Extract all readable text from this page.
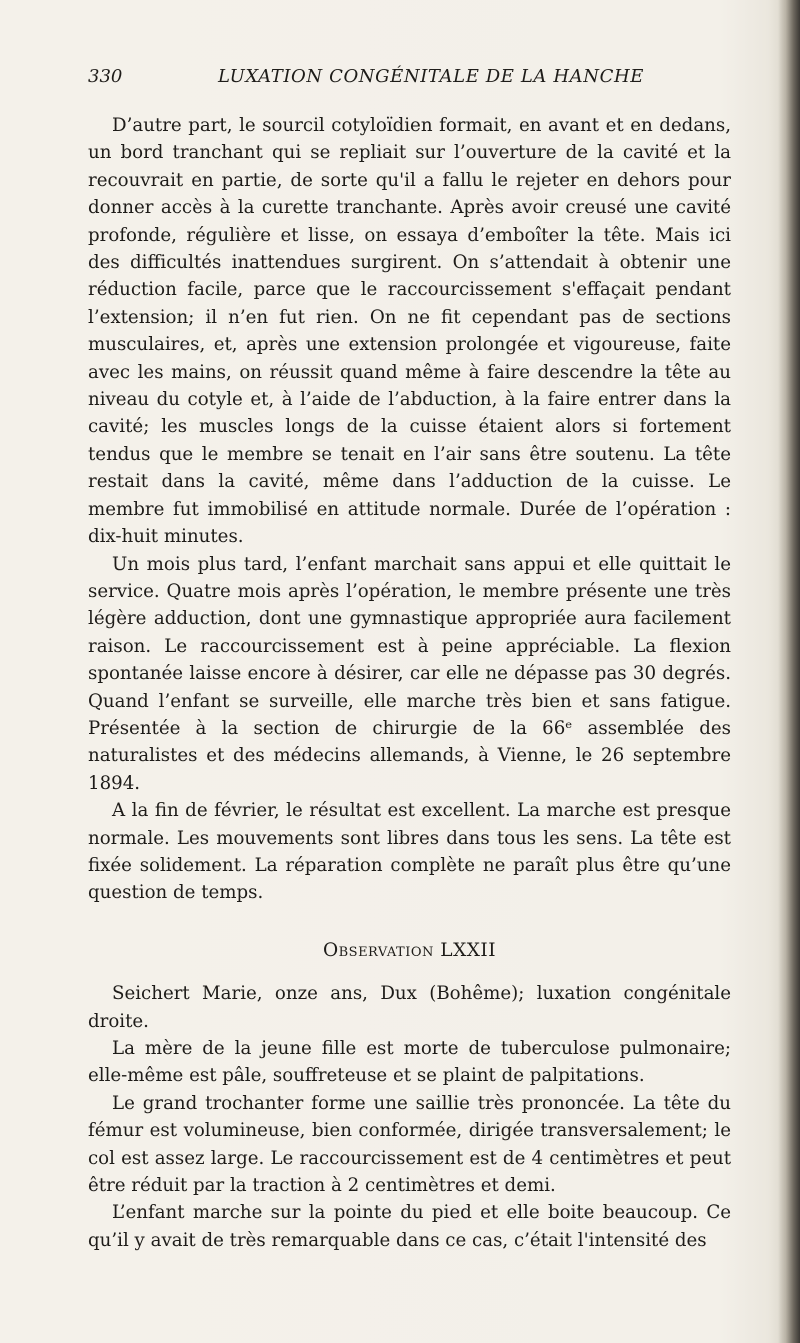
330	LUXATION CONGÉNITALE DE LA HANCHE

D’autre part, le sourcil cotyloïdien formait, en avant et en dedans, un bord tranchant qui se repliait sur l’ouverture de la cavité et la recouvrait en partie, de sorte qu'il a fallu le rejeter en dehors pour donner accès à la curette tranchante. Après avoir creusé une cavité profonde, régulière et lisse, on essaya d’emboîter la tête. Mais ici des difficultés inattendues surgirent. On s’attendait à obtenir une réduction facile, parce que le raccourcissement s'effaçait pendant l’extension; il n’en fut rien. On ne fit cependant pas de sections musculaires, et, après une extension prolongée et vigoureuse, faite avec les mains, on réussit quand même à faire descendre la tête au niveau du cotyle et, à l’aide de l’abduction, à la faire entrer dans la cavité; les muscles longs de la cuisse étaient alors si fortement tendus que le membre se tenait en l’air sans être soutenu. La tête restait dans la cavité, même dans l’adduction de la cuisse. Le membre fut immobilisé en attitude normale. Durée de l’opération : dix-huit minutes.

Un mois plus tard, l’enfant marchait sans appui et elle quittait le service. Quatre mois après l’opération, le membre présente une très légère adduction, dont une gymnastique appropriée aura facilement raison. Le raccourcissement est à peine appréciable. La flexion spontanée laisse encore à désirer, car elle ne dépasse pas 30 degrés. Quand l’enfant se surveille, elle marche très bien et sans fatigue. Présentée à la section de chirurgie de la 66ᵉ assemblée des naturalistes et des médecins allemands, à Vienne, le 26 septembre 1894.

A la fin de février, le résultat est excellent. La marche est presque normale. Les mouvements sont libres dans tous les sens. La tête est fixée solidement. La réparation complète ne paraît plus être qu’une question de temps.

Observation LXXII

Seichert Marie, onze ans, Dux (Bohême); luxation congénitale droite.

La mère de la jeune fille est morte de tuberculose pulmonaire; elle-même est pâle, souffreteuse et se plaint de palpitations.

Le grand trochanter forme une saillie très prononcée. La tête du fémur est volumineuse, bien conformée, dirigée transversalement; le col est assez large. Le raccourcissement est de 4 centimètres et peut être réduit par la traction à 2 centimètres et demi.

L’enfant marche sur la pointe du pied et elle boite beaucoup. Ce qu’il y avait de très remarquable dans ce cas, c’était l'intensité des
